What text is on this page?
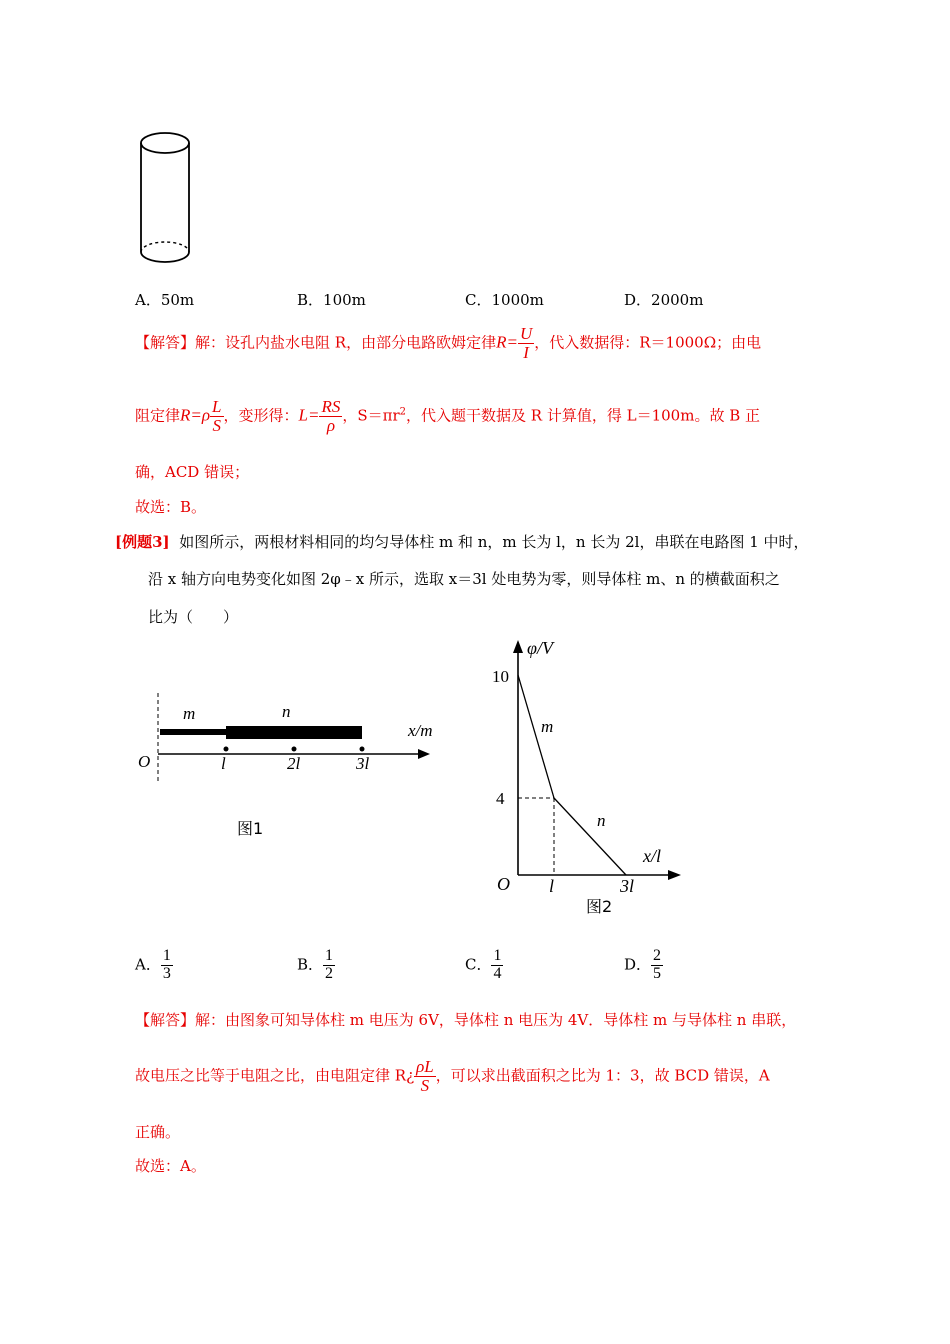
A．50m	B．100m	C．1000m	D．2000m
【解答】解：设孔内盐水电阻 R，由部分电路欧姆定律$R= \frac{U}{I}$ ，代入数据得：R＝1000Ω；由电
阻定律$R=\rho \frac{L}{S}$ ，变形得：$L= \frac{RS}{\rho}$ ，$S=\pi r^2$，代入题干数据及 R 计算值，得 L＝100m。故 B 正
确，ACD 错误；
故选：B。
[例题3] 如图所示，两根材料相同的均匀导体柱 m 和 n，m 长为 l，n 长为 2l，串联在电路图 1 中时，
沿 x 轴方向电势变化如图 2φ﹣x 所示，选取 x＝3l 处电势为零，则导体柱 m、n 的横截面积之
比为（　　）
m	n
x/m
O	l	2l	3l
图1
φ/V
10
4
m
n
x/l
O l	3l
图2
A． $\frac{1}{3}$	B． $\frac{1}{2}$	C． $\frac{1}{4}$	D． $\frac{2}{5}$
【解答】解：由图象可知导体柱 m 电压为 6V，导体柱 n 电压为 4V．导体柱 m 与导体柱 n 串联，
故电压之比等于电阻之比，由电阻定律 R¿ $\frac{\rho L}{S}$ ，可以求出截面积之比为 1：3，故 BCD 错误，A
正确。
故选：A。
